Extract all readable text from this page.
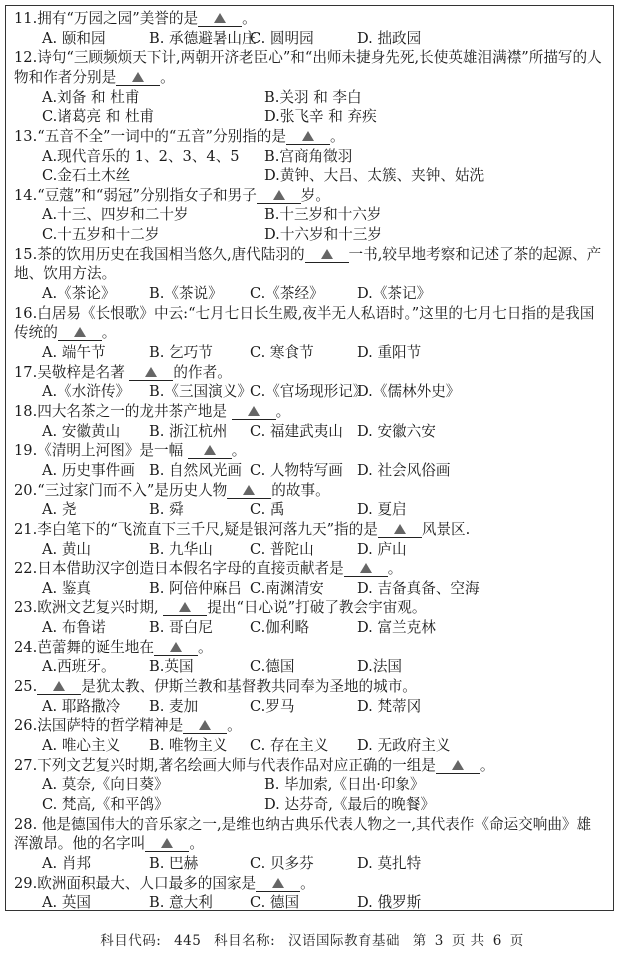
11.拥有“万园之园”美誉的是	。
A. 颐和园	B. 承德避暑山庄
C. 圆明园	D. 拙政园
12.诗句“三顾频烦天下计,两朝开济老臣心”和“出师未捷身先死,长使英雄泪满襟”所描写的人物和作者分别是	。
A.刘备 和 杜甫	B.关羽 和 李白
C.诸葛亮 和 杜甫	D.张飞辛 和 弃疾
13.“五音不全”一词中的“五音”分别指的是	。
A.现代音乐的 1、2、3、4、5 B.宫商角徵羽
C.金石土木丝	D.黄钟、大吕、太簇、夹钟、姑洗
14.“豆蔻”和“弱冠”分别指女子和男子	岁。
A.十三、四岁和二十岁	B.十三岁和十六岁
C.十五岁和十二岁	D.十六岁和十三岁
15.茶的饮用历史在我国相当悠久,唐代陆羽的	一书,较早地考察和记述了茶的起源、产地、饮用方法。
A.《茶论》 B.《茶说》 C.《茶经》 D.《茶记》
16.白居易《长恨歌》中云:“七月七日长生殿,夜半无人私语时。”这里的七月七日指的是我国传统的	。
A. 端午节	B. 乞巧节	C. 寒食节	D. 重阳节
17.吴敬梓是名著	的作者。
A.《水浒传》 B.《三国演义》
C.《官场现形记》
D.《儒林外史》
18.四大名茶之一的龙井茶产地是	。
A. 安徽黄山 B. 浙江杭州 C. 福建武夷山 D. 安徽六安
19.《清明上河图》是一幅	。
A. 历史事件画 B. 自然风光画 C. 人物特写画 D. 社会风俗画
20.“三过家门而不入”是历史人物	的故事。
A. 尧	B. 舜	C. 禹	D. 夏启
21.李白笔下的“飞流直下三千尺,疑是银河落九天”指的是	风景区.
A. 黄山	B. 九华山	C. 普陀山	D. 庐山
22.日本借助汉字创造日本假名字母的直接贡献者是	。
A. 鉴真	B. 阿倍仲麻吕 C.南渊清安 D. 吉备真备、空海
23.欧洲文艺复兴时期,	提出“日心说”打破了教会宇宙观。
A. 布鲁诺	B. 哥白尼	C.伽利略	D. 富兰克林
24.芭蕾舞的诞生地在	。
A.西班牙。 B.英国	C.德国	D.法国
25.	是犹太教、伊斯兰教和基督教共同奉为圣地的城市。
A. 耶路撒冷 B. 麦加	C.罗马	D. 梵蒂冈
26.法国萨特的哲学精神是	。
A. 唯心主义 B. 唯物主义 C. 存在主义 D. 无政府主义
27.下列文艺复兴时期,著名绘画大师与代表作品对应正确的一组是	。
A. 莫奈,《向日葵》	B. 毕加索,《日出·印象》
C. 梵高,《和平鸽》	D. 达芬奇,《最后的晚餐》
28. 他是德国伟大的音乐家之一,是维也纳古典乐代表人物之一,其代表作《命运交响曲》雄浑激昂。他的名字叫	。
A. 肖邦	B. 巴赫	C. 贝多芬	D. 莫扎特
29.欧洲面积最大、人口最多的国家是	。
A. 英国	B. 意大利	C. 德国	D. 俄罗斯
科目代码: 445 科目名称: 汉语国际教育基础 第 3 页 共 6 页
